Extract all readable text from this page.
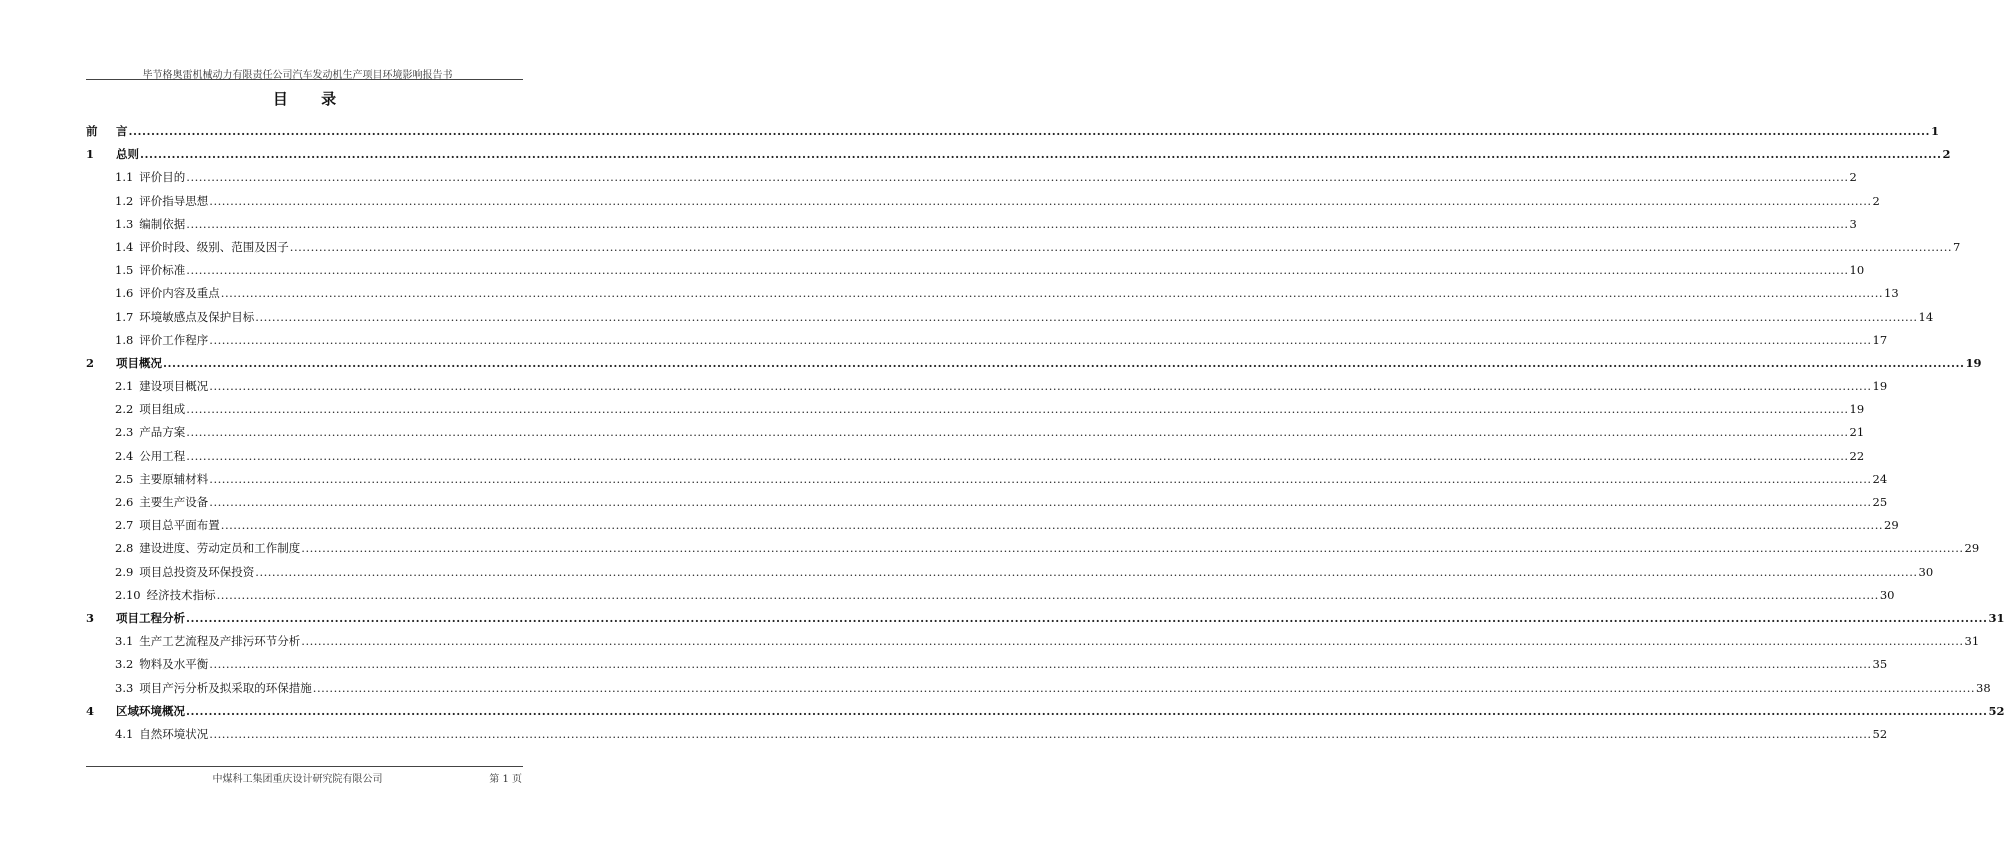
毕节格奥雷机械动力有限责任公司汽车发动机生产项目环境影响报告书
目 录
前	言 ................................................................................................................................................................................................................................................................................................................................................................................................................ 1
1	总则 ................................................................................................................................................................................................................................................................................................................................................................................................................ 2
1.1 评价目的 ................................................................................................................................................................................................................................................................................................................................................................................................................ 2
1.2 评价指导思想 ................................................................................................................................................................................................................................................................................................................................................................................................................ 2
1.3 编制依据 ................................................................................................................................................................................................................................................................................................................................................................................................................ 3
1.4 评价时段、级别、范围及因子 ................................................................................................................................................................................................................................................................................................................................................................................................................ 7
1.5 评价标准 ................................................................................................................................................................................................................................................................................................................................................................................................................ 10
1.6 评价内容及重点 ................................................................................................................................................................................................................................................................................................................................................................................................................ 13
1.7 环境敏感点及保护目标 ................................................................................................................................................................................................................................................................................................................................................................................................................ 14
1.8 评价工作程序 ................................................................................................................................................................................................................................................................................................................................................................................................................ 17
2	项目概况 ................................................................................................................................................................................................................................................................................................................................................................................................................ 19
2.1 建设项目概况 ................................................................................................................................................................................................................................................................................................................................................................................................................ 19
2.2 项目组成 ................................................................................................................................................................................................................................................................................................................................................................................................................ 19
2.3 产品方案 ................................................................................................................................................................................................................................................................................................................................................................................................................ 21
2.4 公用工程 ................................................................................................................................................................................................................................................................................................................................................................................................................ 22
2.5 主要原辅材料 ................................................................................................................................................................................................................................................................................................................................................................................................................ 24
2.6 主要生产设备 ................................................................................................................................................................................................................................................................................................................................................................................................................ 25
2.7 项目总平面布置 ................................................................................................................................................................................................................................................................................................................................................................................................................ 29
2.8 建设进度、劳动定员和工作制度 ................................................................................................................................................................................................................................................................................................................................................................................................................ 29
2.9 项目总投资及环保投资 ................................................................................................................................................................................................................................................................................................................................................................................................................ 30
2.10 经济技术指标 ................................................................................................................................................................................................................................................................................................................................................................................................................ 30
3	项目工程分析 ................................................................................................................................................................................................................................................................................................................................................................................................................ 31
3.1 生产工艺流程及产排污环节分析 ................................................................................................................................................................................................................................................................................................................................................................................................................ 31
3.2 物料及水平衡 ................................................................................................................................................................................................................................................................................................................................................................................................................ 35
3.3 项目产污分析及拟采取的环保措施 ................................................................................................................................................................................................................................................................................................................................................................................................................ 38
4	区域环境概况 ................................................................................................................................................................................................................................................................................................................................................................................................................ 52
4.1 自然环境状况 ................................................................................................................................................................................................................................................................................................................................................................................................................ 52
中煤科工集团重庆设计研究院有限公司	第 1 页
